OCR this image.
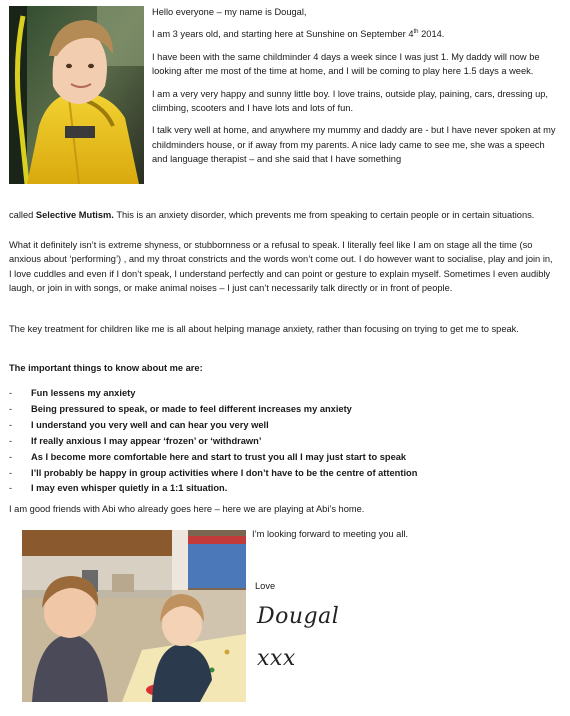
Hello everyone – my name is Dougal,

I am 3 years old, and starting here at Sunshine on September 4th 2014.

I have been with the same childminder 4 days a week since I was just 1. My daddy will now be looking after me most of the time at home, and I will be coming to play here 1.5 days a week.

I am a very very happy and sunny little boy. I love trains, outside play, paining, cars, dressing up, climbing, scooters and I have lots and lots of fun.

I talk very well at home, and anywhere my mummy and daddy are - but I have never spoken at my childminders house, or if away from my parents. A nice lady came to see me, she was a speech and language therapist – and she said that I have something

called Selective Mutism. This is an anxiety disorder, which prevents me from speaking to certain people or in certain situations.

What it definitely isn’t is extreme shyness, or stubbornness or a refusal to speak. I literally feel like I am on stage all the time (so anxious about ‘performing’) , and my throat constricts and the words won’t come out. I do however want to socialise, play and join in, I love cuddles and even if I don’t speak, I understand perfectly and can point or gesture to explain myself. Sometimes I even audibly laugh, or join in with songs, or make animal noises – I just can’t necessarily talk directly or in front of people.

The key treatment for children like me is all about helping manage anxiety, rather than focusing on trying to get me to speak.

The important things to know about me are:

-	Fun lessens my anxiety
-	Being pressured to speak, or made to feel different increases my anxiety
-	I understand you very well and can hear you very well
-	If really anxious I may appear ‘frozen’ or ‘withdrawn’
-	As I become more comfortable here and start to trust you all I may just start to speak
-	I’ll probably be happy in group activities where I don’t have to be the centre of attention
-	I may even whisper quietly in a 1:1 situation.

I am good friends with Abi who already goes here – here we are playing at Abi’s home.

I’m looking forward to meeting you all.
Love
Dougal
xxx
